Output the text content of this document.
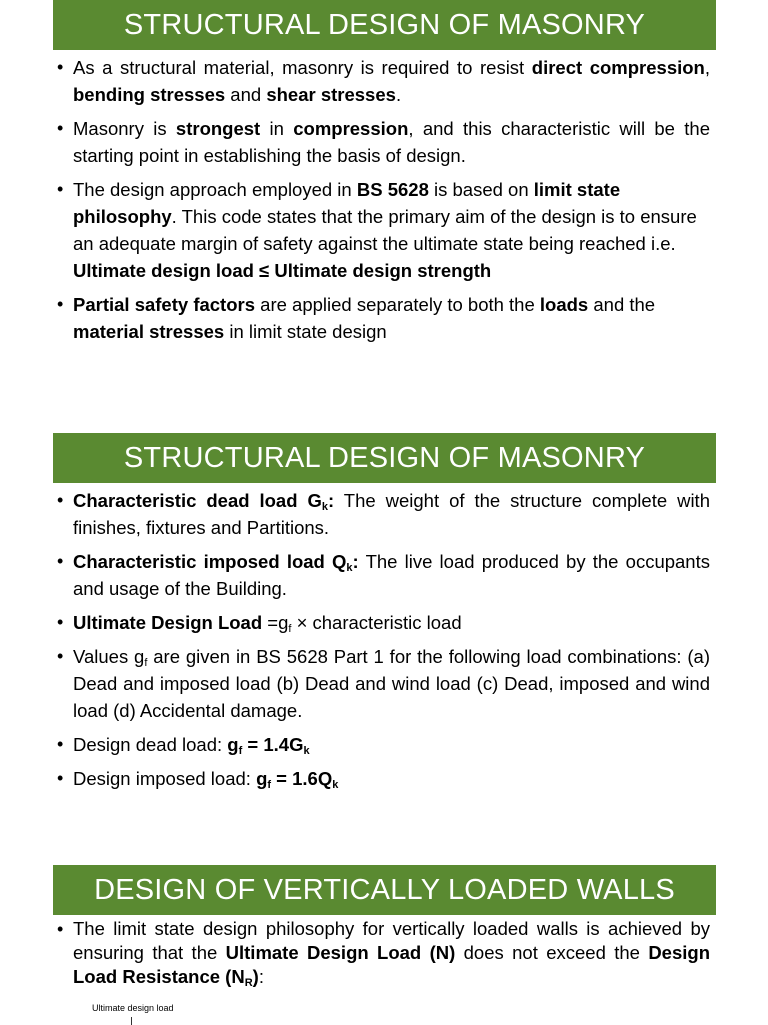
STRUCTURAL DESIGN OF MASONRY
• As a structural material, masonry is required to resist direct compression, bending stresses and shear stresses.
• Masonry is strongest in compression, and this characteristic will be the starting point in establishing the basis of design.
• The design approach employed in BS 5628 is based on limit state philosophy. This code states that the primary aim of the design is to ensure an adequate margin of safety against the ultimate state being reached i.e. Ultimate design load ≤ Ultimate design strength
• Partial safety factors are applied separately to both the loads and the material stresses in limit state design
STRUCTURAL DESIGN OF MASONRY
• Characteristic dead load $G_k$: The weight of the structure complete with finishes, fixtures and Partitions.
• Characteristic imposed load $Q_k$: The live load produced by the occupants and usage of the Building.
• Ultimate Design Load $=g_f$ × characteristic load
• Values $g_f$ are given in BS 5628 Part 1 for the following load combinations: (a) Dead and imposed load (b) Dead and wind load (c) Dead, imposed and wind load (d) Accidental damage.
• Design dead load: $g_f = 1.4G_k$
• Design imposed load: $g_f = 1.6Q_k$
DESIGN OF VERTICALLY LOADED WALLS
• The limit state design philosophy for vertically loaded walls is achieved by ensuring that the Ultimate Design Load (N) does not exceed the Design Load Resistance $(N_R)$:
Ultimate design load
